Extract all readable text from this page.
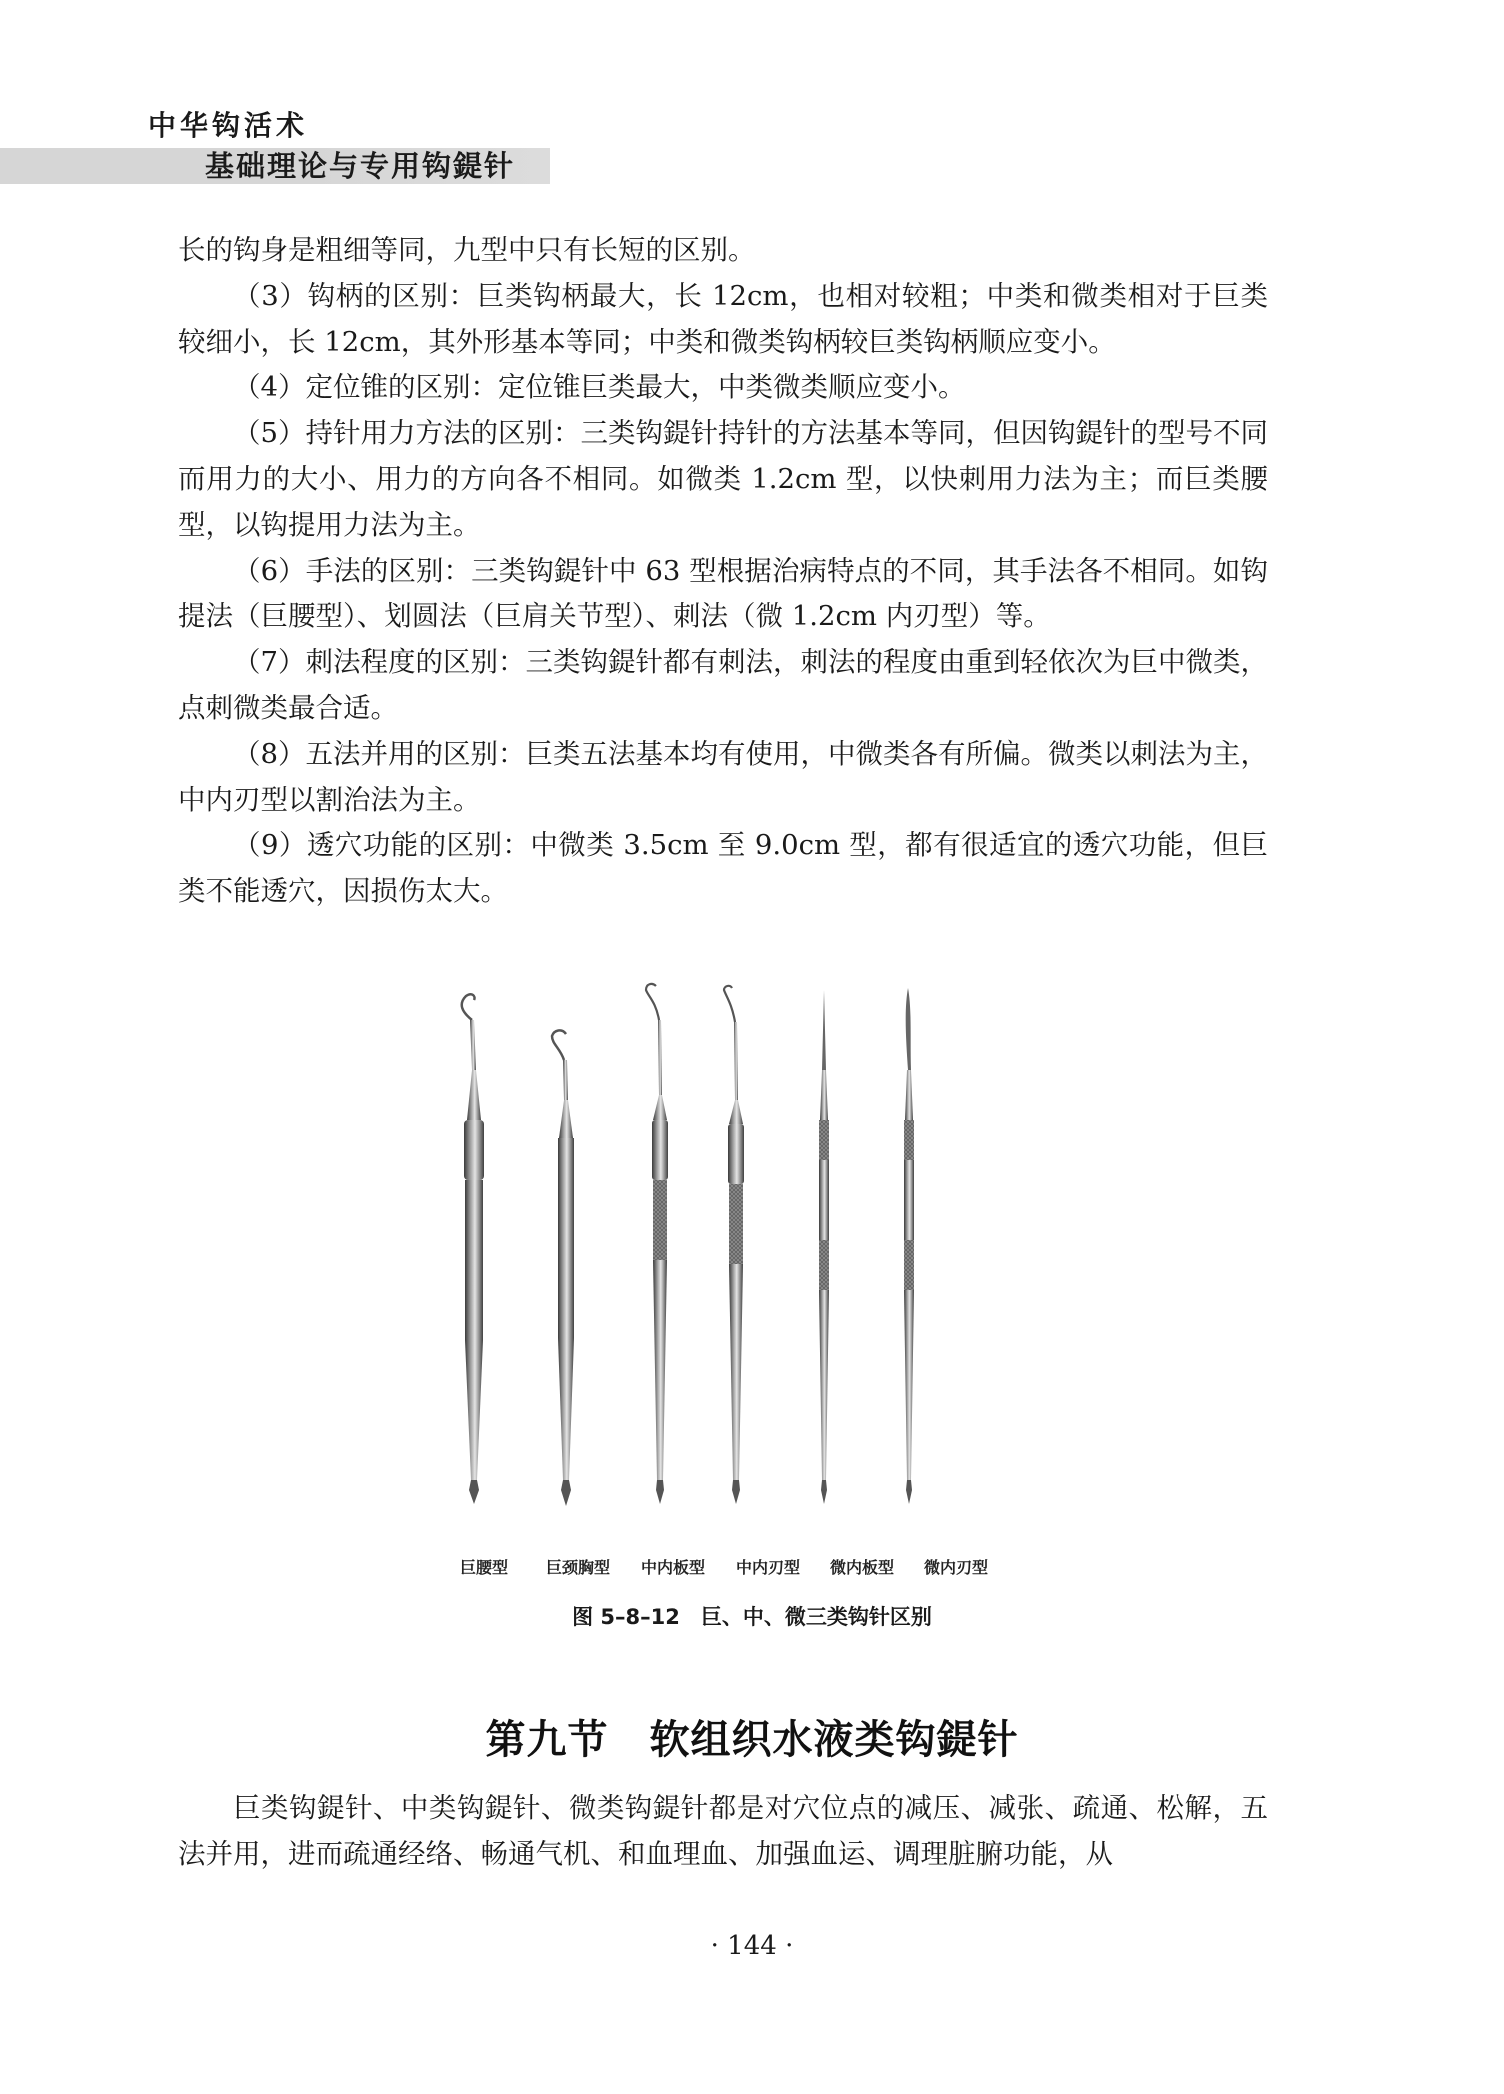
中华钩活术
基础理论与专用钩鍉针

长的钩身是粗细等同，九型中只有长短的区别。

（3）钩柄的区别：巨类钩柄最大，长 12cm，也相对较粗；中类和微类相对于巨类较细小，长 12cm，其外形基本等同；中类和微类钩柄较巨类钩柄顺应变小。

（4）定位锥的区别：定位锥巨类最大，中类微类顺应变小。

（5）持针用力方法的区别：三类钩鍉针持针的方法基本等同，但因钩鍉针的型号不同而用力的大小、用力的方向各不相同。如微类 1.2cm 型，以快刺用力法为主；而巨类腰型，以钩提用力法为主。

（6）手法的区别：三类钩鍉针中 63 型根据治病特点的不同，其手法各不相同。如钩提法（巨腰型）、划圆法（巨肩关节型）、刺法（微 1.2cm 内刃型）等。

（7）刺法程度的区别：三类钩鍉针都有刺法，刺法的程度由重到轻依次为巨中微类，点刺微类最合适。

（8）五法并用的区别：巨类五法基本均有使用，中微类各有所偏。微类以刺法为主，中内刃型以割治法为主。

（9）透穴功能的区别：中微类 3.5cm 至 9.0cm 型，都有很适宜的透穴功能，但巨类不能透穴，因损伤太大。

巨腰型 巨颈胸型 中内板型 中内刃型 微内板型 微内刃型
图 5–8–12　巨、中、微三类钩针区别
第九节　软组织水液类钩鍉针

巨类钩鍉针、中类钩鍉针、微类钩鍉针都是对穴位点的减压、减张、疏通、松解，五法并用，进而疏通经络、畅通气机、和血理血、加强血运、调理脏腑功能，从

· 144 ·
